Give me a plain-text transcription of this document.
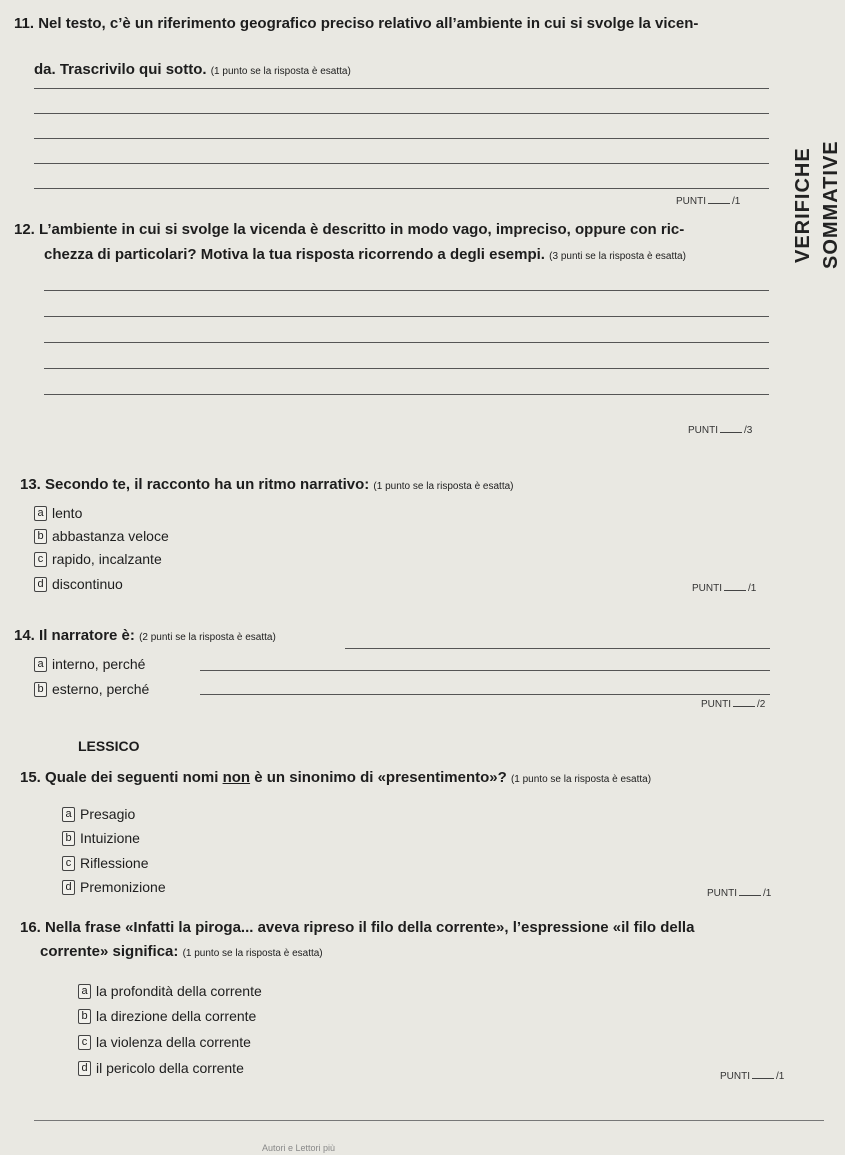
VERIFICHE SOMMATIVE
11. Nel testo, c’è un riferimento geografico preciso relativo all’ambiente in cui si svolge la vicen-
da. Trascrivilo qui sotto. (1 punto se la risposta è esatta)
PUNTI	/1
12. L’ambiente in cui si svolge la vicenda è descritto in modo vago, impreciso, oppure con ric-
chezza di particolari? Motiva la tua risposta ricorrendo a degli esempi. (3 punti se la risposta è esatta)
PUNTI	/3
13. Secondo te, il racconto ha un ritmo narrativo: (1 punto se la risposta è esatta)
a lento
b abbastanza veloce
c rapido, incalzante
d discontinuo	PUNTI	/1
14. Il narratore è: (2 punti se la risposta è esatta)
a interno, perché
b esterno, perché
PUNTI	/2
LESSICO
15. Quale dei seguenti nomi non è un sinonimo di «presentimento»? (1 punto se la risposta è esatta)
a Presagio
b Intuizione
c Riflessione
d Premonizione	PUNTI	/1
16. Nella frase «Infatti la piroga... aveva ripreso il filo della corrente», l’espressione «il filo della
corrente» significa: (1 punto se la risposta è esatta)
a la profondità della corrente
b la direzione della corrente
c la violenza della corrente
d il pericolo della corrente
PUNTI	/1
Autori e Lettori più
